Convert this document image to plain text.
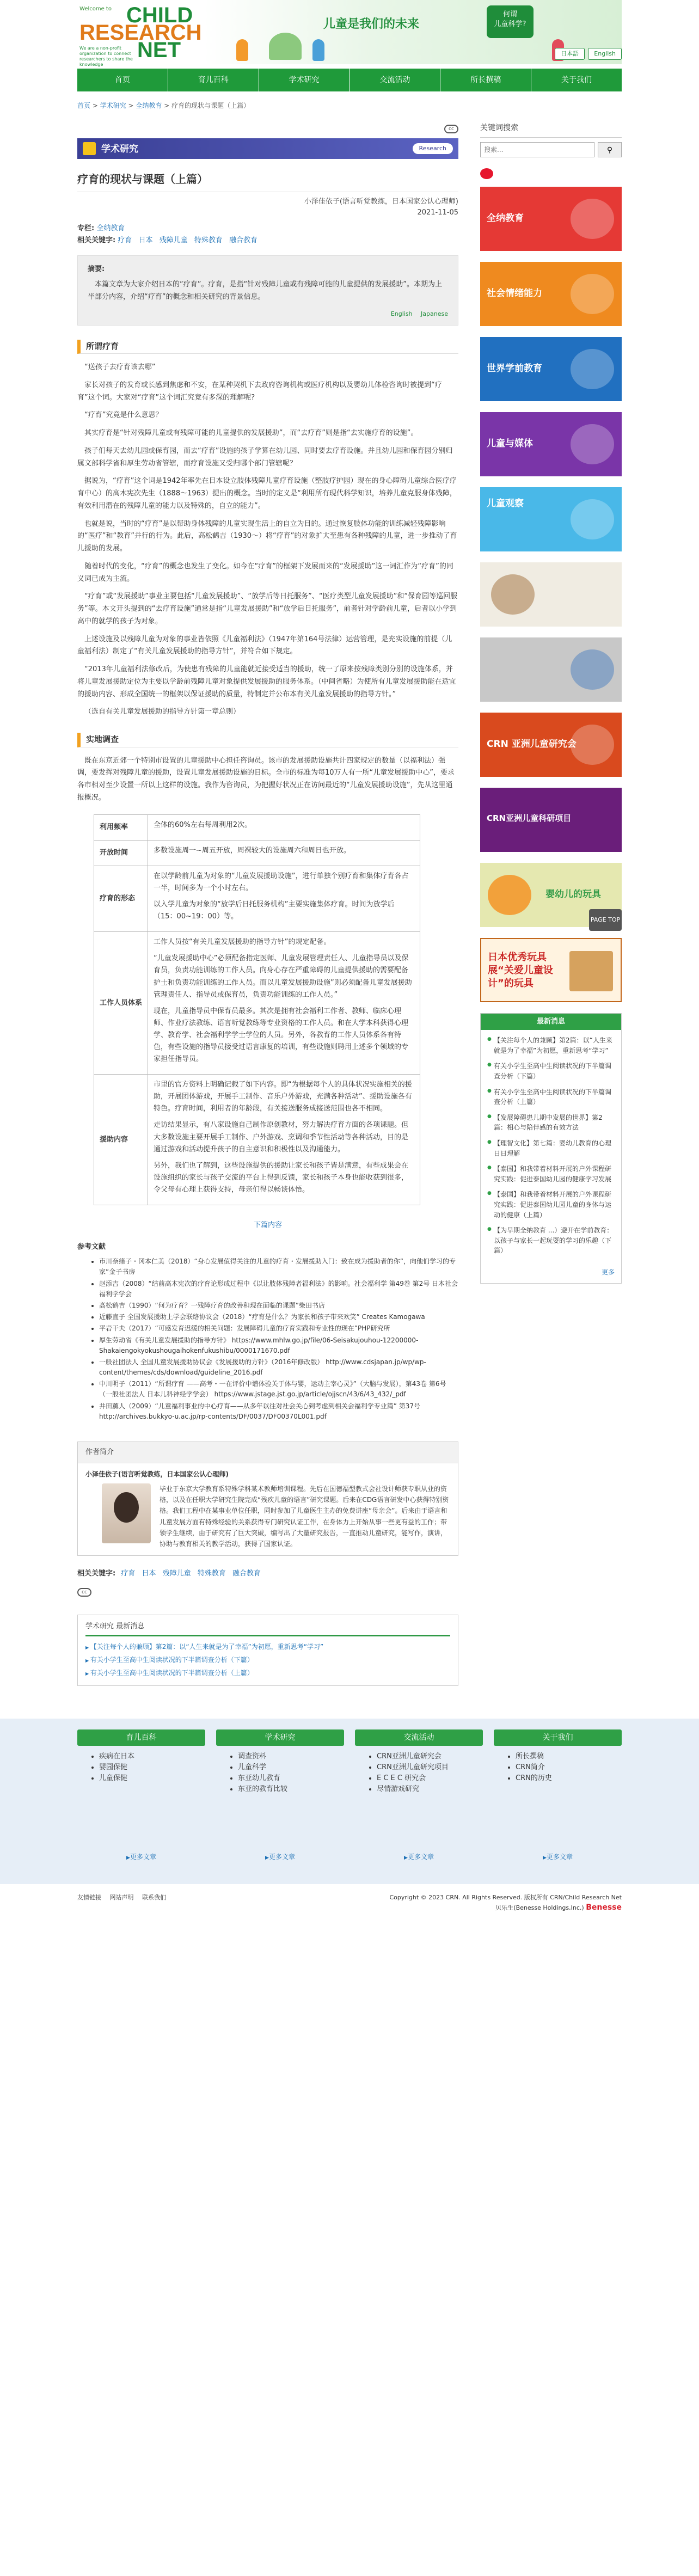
Welcome to CHILD
RESEARCH
NET
We are a non-profit organization to connect researchers to share the knowledge
儿童是我们的未来
何谓
儿童科学?
日本語	English
首页	育儿百科	学术研究	交流活动	所长撰稿	关于我们
首页 > 学术研究 > 全纳教育 > 疗育的现状与课题（上篇）
cc
学术研究	Research
疗育的现状与课题（上篇）
小泽佳依子(语言听觉教练，日本国家公认心理师)
2021-11-05
专栏: 全纳教育
相关关键字: 疗育 日本 残障儿童 特殊教育 融合教育
摘要:
本篇文章为大家介绍日本的“疗育”。疗育，是指“针对残障儿童或有残障可能的儿童提供的发展援助”。本期为上半部分内容，介绍“疗育”的概念和相关研究的背景信息。
English Japanese
所谓疗育

“送孩子去疗育该去哪”

家长对孩子的发育或长感到焦虑和不安，在某种契机下去政府咨询机构或医疗机构以及婴幼儿体检咨询时被提到“疗育”这个词。大家对“疗育”这个词汇究竟有多深的理解呢?

“疗育”究竟是什么意思？

其实疗育是“针对残障儿童或有残障可能的儿童提供的发展援助”，而“去疗育”则是指“去实施疗育的设施”。

孩子们每天去幼儿园或保育园，而去“疗育”设施的孩子学算在幼儿园、同时要去疗育设施。并且幼儿园和保育园分别归属文部科学省和厚生劳动省管辖，而疗育设施又受归哪个部门管辖呢？

据说为，“疗育”这个词是1942年率先在日本设立肢体残障儿童疗育设施（整肢疗护园）现在的身心障碍儿童综合医疗疗育中心）的高木宪次先生（1888～1963）提出的概念。当时的定义是“利用所有现代科学知识，培养儿童克服身体残障，有效利用潜在的残障儿童的能力以及特殊的，自立的能力”。

也就是说，当时的“疗育”是以帮助身体残障的儿童实现生活上的自立为目的。通过恢复肢体功能的训练减轻残障影响的“医疗”和“教育”并行的行为。此后，高松鹤吉（1930～）将“疗育”的对象扩大至患有各种残障的儿童，进一步推动了育儿援助的发展。

随着时代的变化，“疗育”的概念也发生了变化。如今在“疗育”的框架下发展而来的“发展援助”这一词汇作为“疗育”的同义词已成为主流。

“疗育”或“发展援助”事业主要包括“儿童发展援助”、“放学后等日托服务”、“医疗类型儿童发展援助”和“保育园等巡回服务”等。本文开头提到的“去疗育设施”通常是指“儿童发展援助”和“放学后日托服务”，前者针对学龄前儿童，后者以小学到高中的就学的孩子为对象。

上述设施及以残障儿童为对象的事业皆依照《儿童福利法》（1947年第164号法律）运营管理，是充实设施的前提（儿童福利法）制定了“有关儿童发展援助的指导方针”，并符合如下规定。

“2013年儿童福利法修改后，为使患有残障的儿童能就近接受适当的援助，统一了原来按残障类别分别的设施体系，并将儿童发展援助定位为主要以学龄前残障儿童对象提供发展援助的服务体系。（中间省略）为使所有儿童发展援助能在适宜的援助内容、形成全国统一的框架以保证援助的质量，特制定并公布本有关儿童发展援助的指导方针。”

（选自有关儿童发展援助的指导方针第一章总则）

实地调查

既在东京近郊一个特别市设置的儿童援助中心担任咨询员。该市的发展援助设施共计四家规定的数量（以福利法）强调，要发挥对残障儿童的援助，设置儿童发展援助设施的目标。全市的标准为每10万人有一所“儿童发展援助中心”，要求各市相对至少设置一所以上这样的设施。我作为咨询员，为把握好状况正在访问最近的“儿童发展援助设施”，先从这里通报概况。

利用频率	全体的60%左右每周利用2次。

开放时间	多数设施周一~周五开放，周裸较大的设施周六和周日也开放。

疗育的形态	在以学龄前儿童为对象的“儿童发展援助设施”，进行单独个别疗育和集体疗育各占一半，时间多为一个小时左右。
以入学儿童为对象的“放学后日托服务机构”主要实施集体疗育。时间为放学后（15：00~19：00）等。

工作人员体系	工作人员按“有关儿童发展援助的指导方针”的规定配备。
“儿童发展援助中心”必须配备指定医师、儿童发展管理责任人、儿童指导员以及保育员，负责功能训练的工作人员。向身心存在严重障碍的儿童提供援助的需要配备护士和负责功能训练的工作人员。而以儿童发展援助设施”则必须配备儿童发展援助管理责任人、指导员或保育员，负责功能训练的工作人员。”
现在，儿童指导员中保育员最多。其次是拥有社会福利工作者、教师、临床心理师、作业疗法教练、语言听觉教练等专业资格的工作人员。和在大学本科获得心理学、教育学、社会福利学学士学位的人员。另外，各教育的工作人员体系各有特色，有些设施的指导员接受过语言康复的培训，有些设施则聘用上述多个领域的专家担任指导员。

援助内容	市里的官方资料上明确记载了如下内容。即“为根据每个人的具体状况实施相关的援助，开展团体游戏，开展手工制作、音乐户外游戏，充满各种活动”、援助设施各有特色。疗育时间，利用者的年龄段，有关接送服务成接送范围也各不相同。
走访结果显示，有八家设施自己制作原创教材，努力解决疗育方面的各项课题。但大多数设施主要开展手工制作、户外游戏、烹调和季节性活动等各种活动，目的是通过游戏和活动提升孩子的自主意识和积极性以及沟通能力。
另外，我们也了解到，这些设施提供的援助让家长和孩子皆是满意，有些成果会在设施组织的家长与孩子交流的平台上得到反馈，家长和孩子本身也能收获到很多，令父母有心理上获得支持，母亲们得以畅谈体悟。
下篇内容
参考文献
• 市川奈绪子・冈本仁美（2018）“身心发展值得关注的儿童的疗育・发展援助入门：致在成为援助者的你”，向他们学习的专家“金子书房
• 赵添吉（2008）“结前高木宪次的疗育论形成过程中《以让肢体残障者福利法》的影响。社会福利学 第49卷 第2号 日本社会福利学学会
• 高松鹤吉（1990）“何为疗育？一残障疗育的改善和现在面临的课题”柴田书店
• 近藤直子 全国发展援助上学会联络协议会（2018）“疗育是什么？为家长和孩子带来欢笑” Creates Kamogawa
• 平岩干夫（2017）“可感发育迟缓的相关问题：发展障碍儿童的疗育实践和专业性的现在”PHP研究所
• 厚生劳动省《有关儿童发展援助的指导方针》 https://www.mhlw.go.jp/file/06-Seisakujouhou-12200000-Shakaiengokyokushougaihokenfukushibu/0000171670.pdf
• 一般社团法人 全国儿童发展援助协议会《发展援助的方针》（2016年修改版） http://www.cdsjapan.jp/wp/wp-content/themes/cds/download/guideline_2016.pdf
• 中川明子（2011）“所谓疗育 ——高考・一在评价中谱体验关于体与婴，运动主宰心灵》”（大脑与发展），第43卷 第6号（一般社团法人 日本儿科神经学学会） https://www.jstage.jst.go.jp/article/ojjscn/43/6/43_432/_pdf
• 井田薰人（2009）“儿童福利事业的中心疗育——从多年以往对社会关心到考虑到相关会福利学专业篇” 第37号 http://archives.bukkyo-u.ac.jp/rp-contents/DF/0037/DF00370L001.pdf
作者简介
小泽佳依子(语言听觉教练，日本国家公认心理师)
毕业于东京大学教育系特殊学科某术教师培训课程。先后在国德福型教式会社设计师获专职从业的资格，以及在任职大学研究生院完成“残疾儿童的语言”研究课题。后来在CDG语言研发中心获得特别资格。我们工程中在某事业单位任职，同时参加了儿童医生主办的免费讲座“母亲会”。后来由于语言和儿童发展方面有特殊经验的关系获得专门研究认证工作，在身体力上开始从事一些更有益的工作；带领学生继续，由于研究有了巨大突破，编写出了大量研究报告，一直推动儿童研究，能写作，演讲，协助与教育相关的教学活动，获得了国家认证。
相关关键字: 疗育 日本 残障儿童 特殊教育 融合教育
cc
学术研究 最新消息
▶ 【关注每个人的兼顾】第2篇：以“人生来就是为了幸福”为初愿，重新思考“学习”
▶ 有关小学生至高中生阅读状况的下半篇调查分析（下篇）
▶ 有关小学生至高中生阅读状况的下半篇调查分析（上篇）
关键词搜索
搜索...
⚲
全纳教育
社会情绪能力
世界学前教育
儿童与媒体
儿童观察
CRN 亚洲儿童研究会
CRN亚洲儿童科研项目
婴幼儿的玩具
日本优秀玩具展“关爱儿童设计”的玩具
最新消息
● 【关注每个人的兼顾】第2篇：以“人生来就是为了幸福”为初愿，重新思考“学习”
● 有关小学生至高中生阅读状况的下半篇调查分析（下篇）
● 有关小学生至高中生阅读状况的下半篇调查分析（上篇）
● 【发展障碍患儿期中发展的世界】第2篇：相心与陪伴感的有效方法
● 【理智文化】第七篇：婴幼儿教育的心理日日理解
● 【泰国】和我带着材料开展的户外课程研究实践：促进泰国幼儿园的健康学习发展
● 【泰国】和我带着材料开展的户外课程研究实践：促进泰国幼儿园儿童的身体与运动的健康（上篇）
● 【为早期全纳教育 ...）避开在学前教育：以孩子与家长一起玩耍的学习的乐趣（下篇）
更多
PAGE TOP
育儿百科
• 疾病在日本
• 婴园保健
• 儿童保健
▶ 更多文章
学术研究
• 调查资料
• 儿童科学
• 东亚幼儿教育
• 东亚的教育比较
▶ 更多文章
交流活动
• CRN亚洲儿童研究会
• CRN亚洲儿童研究项目
• E C E C 研究会
• 尽情游戏研究
▶ 更多文章
关于我们
• 所长撰稿
• CRN简介
• CRN的历史
▶ 更多文章
友情链接 网站声明 联系我们	Copyright © 2023 CRN. All Rights Reserved. 版权所有 CRN/Child Research Net
贝乐生(Benesse Holdings,Inc.) Benesse
